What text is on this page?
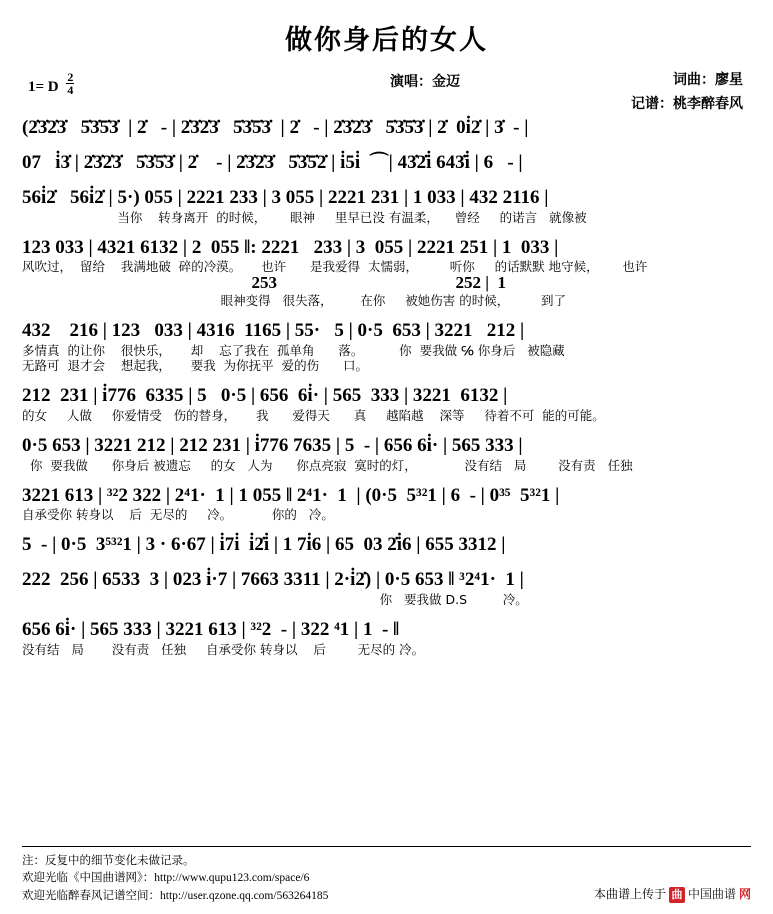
做你身后的女人
1= D $\frac{2}{4}$	演唱：金迈	词曲：廖星
记谱：桃李醉春风
(2̇3̇2̇3̇   5̇3̇5̇3̇  | 2̇   - | 2̇3̇2̇3̇   5̇3̇5̇3̇  | 2̇   - | 2̇3̇2̇3̇   5̇3̇5̇3̇ | 2̇  0i̇2̇ | 3̇  - |
07   i̇3̇ | 2̇3̇2̇3̇   5̇3̇5̇3̇ | 2̇    - | 2̇3̇2̇3̇   5̇3̇5̇2̇ | i̇5i̇  ⌒| 43̇2̇i̇ 643̇i̇ | 6   - |
56i̇2̇   56i̇2̇ | 5·) 055 | 2221 233 | 3 055 | 2221 231 | 1 033 | 432 2116 |
当你    转身离开  的时候，      眼神     里早已没 有温柔，    曾经     的诺言   就像被
123 033 | 4321 6132 | 2  055 ‖: 2221   233 | 3  055 | 2221 251 | 1  033 |
风吹过，  留给    我满地破  碎的冷漠。     也许      是我爱得  太懦弱，        听你     的话默默 地守候，      也许
253                                          252 |  1
眼神变得   很失落，       在你     被她伤害 的时候，        到了
432    216 | 123   033 | 4316  1165 | 55·   5 | 0·5  653 | 3221   212 |
多情真  的让你    很快乐，     却    忘了我在  孤单角      落。         你  要我做 ℅ 你身后   被隐藏
无路可  退才会    想起我，     要我  为你抚平  爱的伤      口。
212  231 | i̇776  6335 | 5   0·5 | 656  6i̇· | 565  333 | 3221  6132 |
的女     人做     你爱情受   伤的替身，     我      爱得天      真     越陷越    深等     待着不可  能的可能。
0·5 653 | 3221 212 | 212 231 | i̇776 7635 | 5  - | 656 6i̇· | 565 333 |
你  要我做      你身后 被遗忘     的女   人为      你点亮寂  寞时的灯，            没有结   局        没有责   任独
3221 613 | ³²2 322 | 2⁴1·  1 | 1 055 ‖ 2⁴1·  1  | (0·5  5³²1 | 6  - | 0³⁵  5³²1 |
自承受你 转身以    后  无尽的     冷。          你的   冷。
5  - | 0·5  3⁵³²1 | 3 · 6·67 | i̇7i̇  i̇2̇i̇ | 1 7i̇6 | 65  03 2̇i̇6 | 655 3312 |
222  256 | 6533  3 | 023 i̇·7 | 7663 3311 | 2·i̇2̇) | 0·5 653 ‖ ³2⁴1·  1 |
你   要我做 D.S         冷。
656 6i̇· | 565 333 | 3221 613 | ³²2  - | 322 ⁴1 | 1  - ‖
没有结   局       没有责   任独     自承受你 转身以    后        无尽的 冷。
注：反复中的细节变化未做记录。
欢迎光临《中国曲谱网》：http://www.qupu123.com/space/6
欢迎光临醉春风记谱空间：http://user.qzone.qq.com/563264185	本曲谱上传于 曲 中国曲谱 网
